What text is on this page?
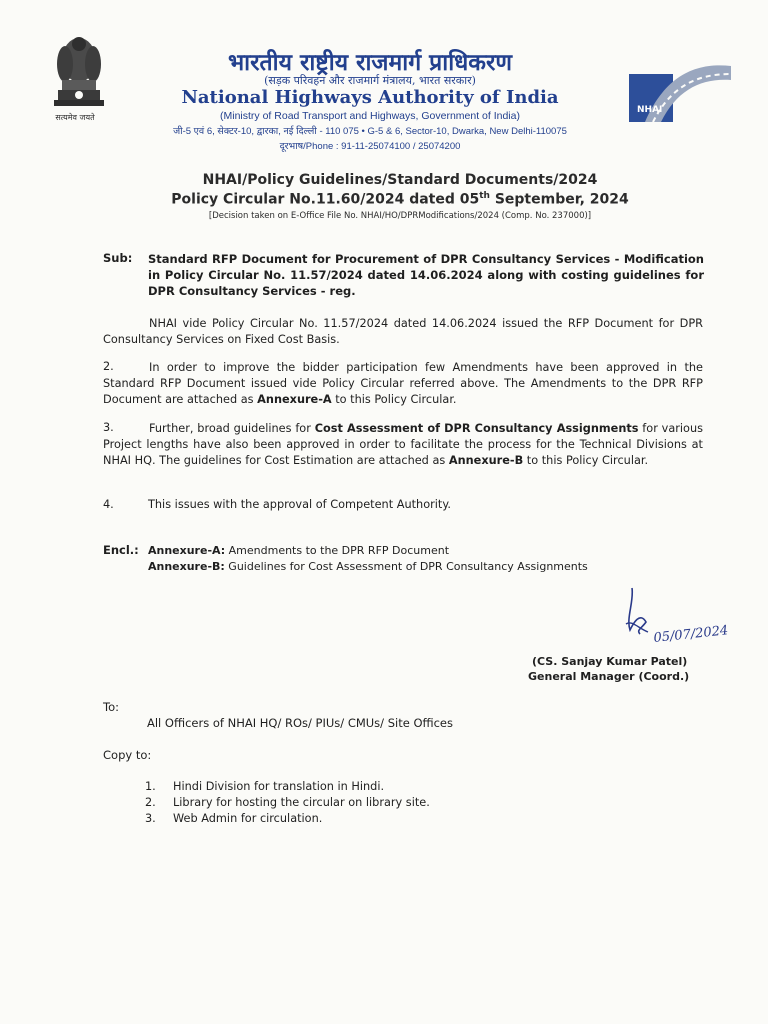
सत्यमेव जयते
भारतीय राष्ट्रीय राजमार्ग प्राधिकरण
(सड़क परिवहन और राजमार्ग मंत्रालय, भारत सरकार)
National Highways Authority of India
(Ministry of Road Transport and Highways, Government of India)
जी-5 एवं 6, सेक्टर-10, द्वारका, नई दिल्ली - 110 075 • G-5 & 6, Sector-10, Dwarka, New Delhi-110075
दूरभाष/Phone : 91-11-25074100 / 25074200
NHAI
NHAI/Policy Guidelines/Standard Documents/2024
Policy Circular No.11.60/2024 dated 05th September, 2024
[Decision taken on E-Office File No. NHAI/HO/DPRModifications/2024 (Comp. No. 237000)]
Sub: Standard RFP Document for Procurement of DPR Consultancy Services - Modification in Policy Circular No. 11.57/2024 dated 14.06.2024 along with costing guidelines for DPR Consultancy Services - reg.
NHAI vide Policy Circular No. 11.57/2024 dated 14.06.2024 issued the RFP Document for DPR Consultancy Services on Fixed Cost Basis.
In order to improve the bidder participation few Amendments have been approved in the Standard RFP Document issued vide Policy Circular referred above. The Amendments to the DPR RFP Document are attached as Annexure-A to this Policy Circular.
2.
Further, broad guidelines for Cost Assessment of DPR Consultancy Assignments for various Project lengths have also been approved in order to facilitate the process for the Technical Divisions at NHAI HQ. The guidelines for Cost Estimation are attached as Annexure-B to this Policy Circular.
3.
4.	This issues with the approval of Competent Authority.
Encl.: Annexure-A: Amendments to the DPR RFP Document
Annexure-B: Guidelines for Cost Assessment of DPR Consultancy Assignments
05/07/2024
(CS. Sanjay Kumar Patel)
General Manager (Coord.)
To:
All Officers of NHAI HQ/ ROs/ PIUs/ CMUs/ Site Offices
Copy to:
1. Hindi Division for translation in Hindi.
2. Library for hosting the circular on library site.
3. Web Admin for circulation.
